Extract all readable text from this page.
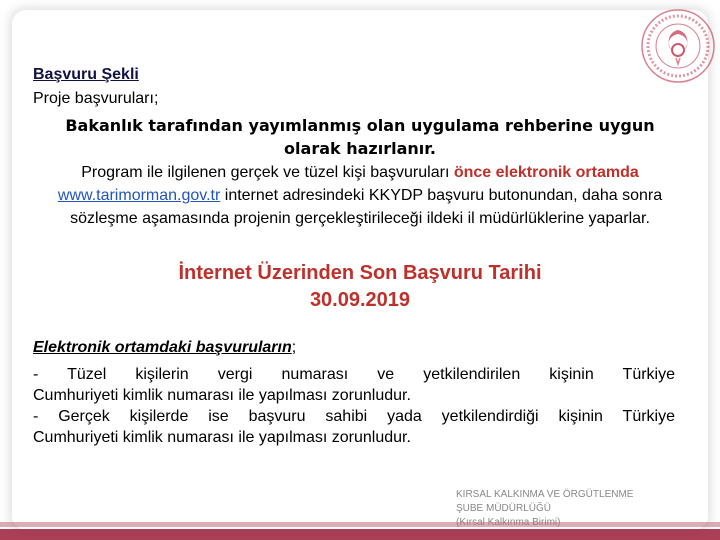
Başvuru Şekli
Proje başvuruları;
Bakanlık tarafından yayımlanmış olan uygulama rehberine uygun olarak hazırlanır.
Program ile ilgilenen gerçek ve tüzel kişi başvuruları önce elektronik ortamda www.tarimorman.gov.tr internet adresindeki KKYDP başvuru butonundan, daha sonra sözleşme aşamasında projenin gerçekleştirileceği ildeki il müdürlüklerine yaparlar.
İnternet Üzerinden Son Başvuru Tarihi
30.09.2019
Elektronik ortamdaki başvuruların;
- Tüzel kişilerin vergi numarası ve yetkilendirilen kişinin Türkiye
Cumhuriyeti kimlik numarası ile yapılması zorunludur.
- Gerçek kişilerde ise başvuru sahibi yada yetkilendirdiği kişinin Türkiye
Cumhuriyeti kimlik numarası ile yapılması zorunludur.
KIRSAL KALKINMA VE ÖRGÜTLENME
ŞUBE MÜDÜRLÜĞÜ
